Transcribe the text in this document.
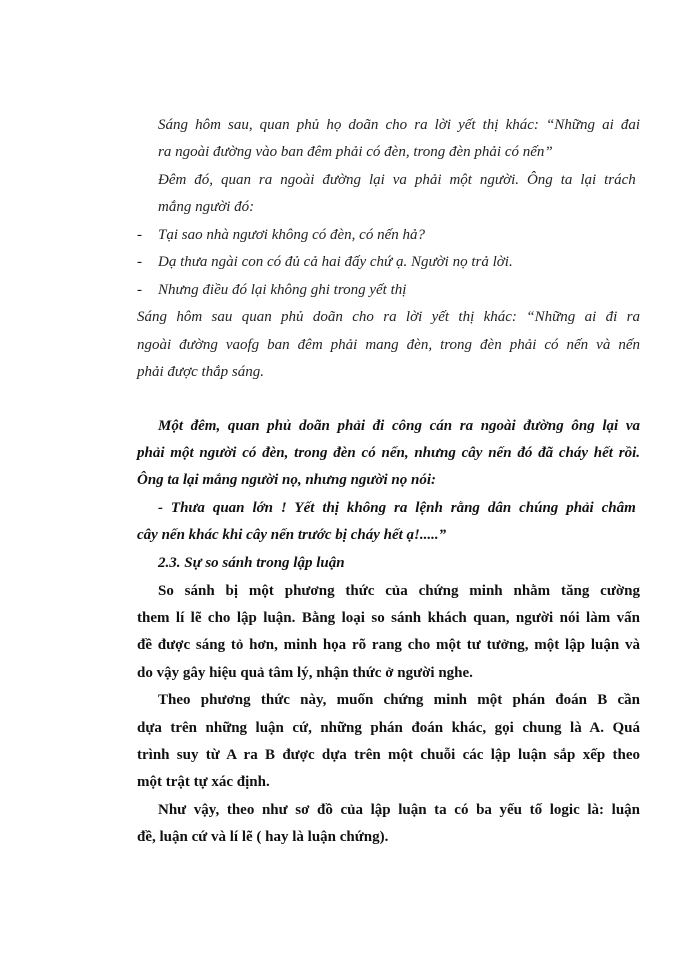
Sáng hôm sau, quan phủ họ doãn cho ra lời yết thị khác: “Những ai đai
ra ngoài đường vào ban đêm phải có đèn, trong đèn phải có nến”
Đêm đó, quan ra ngoài đường lại va phải một người. Ông ta lại trách
mắng người đó:
- Tại sao nhà ngươi không có đèn, có nến hả?
- Dạ thưa ngài con có đủ cả hai đấy chứ ạ. Người nọ trả lời.
- Nhưng điều đó lại không ghi trong yết thị
Sáng hôm sau quan phủ doãn cho ra lời yết thị khác: “Những ai đi ra
ngoài đường vaofg ban đêm phải mang đèn, trong đèn phải có nến và nến
phải được thắp sáng.
Một đêm, quan phủ doãn phải đi công cán ra ngoài đường ông lại va
phải một người có đèn, trong đèn có nến, nhưng cây nến đó đã cháy hết rồi.
Ông ta lại mắng người nọ, nhưng người nọ nói:
- Thưa quan lớn ! Yết thị không ra lệnh rằng dân chúng phải châm
cây nến khác khi cây nến trước bị cháy hết ạ!.....”
2.3. Sự so sánh trong lập luận
So sánh bị một phương thức của chứng minh nhằm tăng cường
them lí lẽ cho lập luận. Bằng loại so sánh khách quan, người nói làm vấn
đề được sáng tỏ hơn, minh họa rõ rang cho một tư tưởng, một lập luận và
do vậy gây hiệu quả tâm lý, nhận thức ở người nghe.
Theo phương thức này, muốn chứng minh một phán đoán B cần
dựa trên những luận cứ, những phán đoán khác, gọi chung là A. Quá
trình suy từ A ra B được dựa trên một chuỗi các lập luận sắp xếp theo
một trật tự xác định.
Như vậy, theo như sơ đồ của lập luận ta có ba yếu tố logic là: luận
đề, luận cứ và lí lẽ ( hay là luận chứng).
